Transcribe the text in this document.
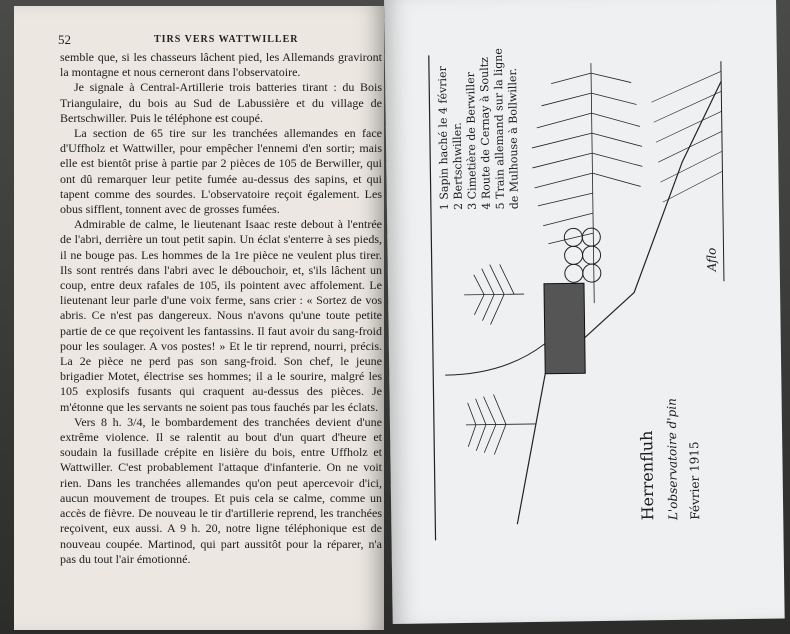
52	TIRS VERS WATTWILLER

semble que, si les chasseurs lâchent pied, les Allemands graviront la montagne et nous cerneront dans l'observatoire.

Je signale à Central-Artillerie trois batteries tirant : du Bois Triangulaire, du bois au Sud de Labussière et du village de Bertschwiller. Puis le téléphone est coupé.

La section de 65 tire sur les tranchées allemandes en face d'Uffholz et Wattwiller, pour empêcher l'ennemi d'en sortir; mais elle est bientôt prise à partie par 2 pièces de 105 de Berwiller, qui ont dû remarquer leur petite fumée au-dessus des sapins, et qui tapent comme des sourdes. L'observatoire reçoit également. Les obus sifflent, tonnent avec de grosses fumées.

Admirable de calme, le lieutenant Isaac reste debout à l'entrée de l'abri, derrière un tout petit sapin. Un éclat s'enterre à ses pieds, il ne bouge pas. Les hommes de la 1re pièce ne veulent plus tirer. Ils sont rentrés dans l'abri avec le débouchoir, et, s'ils lâchent un coup, entre deux rafales de 105, ils pointent avec affolement. Le lieutenant leur parle d'une voix ferme, sans crier : « Sortez de vos abris. Ce n'est pas dangereux. Nous n'avons qu'une toute petite partie de ce que reçoivent les fantassins. Il faut avoir du sang-froid pour les soulager. A vos postes! » Et le tir reprend, nourri, précis. La 2e pièce ne perd pas son sang-froid. Son chef, le jeune brigadier Motet, électrise ses hommes; il a le sourire, malgré les 105 explosifs fusants qui craquent au-dessus des pièces. Je m'étonne que les servants ne soient pas tous fauchés par les éclats.

Vers 8 h. 3/4, le bombardement des tranchées devient d'une extrême violence. Il se ralentit au bout d'un quart d'heure et soudain la fusillade crépite en lisière du bois, entre Uffholz et Wattwiller. C'est probablement l'attaque d'infanterie. On ne voit rien. Dans les tranchées allemandes qu'on peut apercevoir d'ici, aucun mouvement de troupes. Et puis cela se calme, comme un accès de fièvre. De nouveau le tir d'artillerie reprend, les tranchées reçoivent, eux aussi. A 9 h. 20, notre ligne téléphonique est de nouveau coupée. Martinod, qui part aussitôt pour la réparer, n'a pas du tout l'air émotionné.

1 Sapin haché le 4 février 2 Bertschwiller. 3 Cimetière de Berwiller
4 Route de Cernay à Soultz
5 Train allemand sur la ligne de Mulhouse à Bollwiller.
Herrenfluh L'observatoire d'pin Février 1915
Aflo
